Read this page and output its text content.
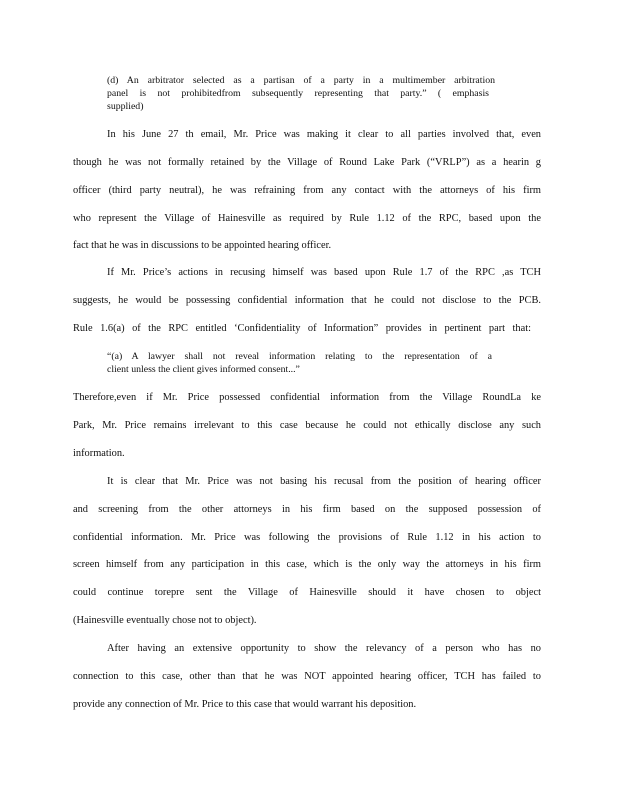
(d) An arbitrator selected as a partisan of a party in a multimember arbitration
panel is not prohibitedfrom subsequently representing that party.” ( emphasis
supplied)
In his June 27 th email, Mr. Price was making it clear to all parties involved that, even
though he was not formally retained by the Village of Round Lake Park (“VRLP”) as a hearin g
officer (third party neutral), he was refraining from any contact with the attorneys of his firm
who represent the Village of Hainesville as required by Rule 1.12 of the RPC, based upon the
fact that he was in discussions to be appointed hearing officer.
If Mr. Price’s actions in recusing himself was based upon Rule 1.7 of the RPC ,as TCH
suggests, he would be possessing confidential information that he could not disclose to the PCB.
Rule 1.6(a) of the RPC entitled ‘Confidentiality of Information” provides in pertinent part that:
“(a) A lawyer shall not reveal information relating to the representation of a
client unless the client gives informed consent...”
Therefore,even if Mr. Price possessed confidential information from the Village RoundLa ke
Park, Mr. Price remains irrelevant to this case because he could not ethically disclose any such
information.
It is clear that Mr. Price was not basing his recusal from the position of hearing officer
and screening from the other attorneys in his firm based on the supposed possession of
confidential information. Mr. Price was following the provisions of Rule 1.12 in his action to
screen himself from any participation in this case, which is the only way the attorneys in his firm
could continue torepre sent the Village of Hainesville should it have chosen to object
(Hainesville eventually chose not to object).
After having an extensive opportunity to show the relevancy of a person who has no
connection to this case, other than that he was NOT appointed hearing officer, TCH has failed to
provide any connection of Mr. Price to this case that would warrant his deposition.
